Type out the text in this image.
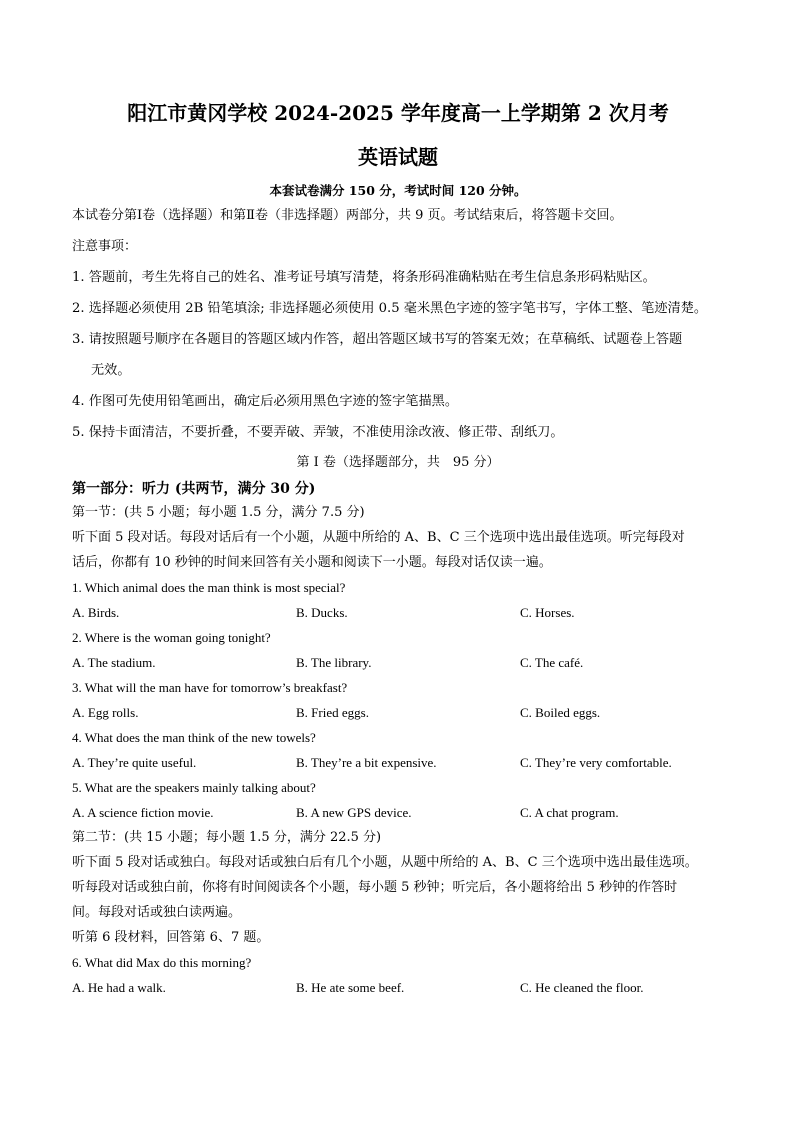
阳江市黄冈学校 2024-2025 学年度高一上学期第 2 次月考

英语试题

本套试卷满分 150 分，考试时间 120 分钟。

本试卷分第Ⅰ卷（选择题）和第Ⅱ卷（非选择题）两部分，共 9 页。考试结束后，将答题卡交回。

注意事项：

1. 答题前，考生先将自己的姓名、准考证号填写清楚，将条形码准确粘贴在考生信息条形码粘贴区。

2. 选择题必须使用 2B 铅笔填涂; 非选择题必须使用 0.5 毫米黑色字迹的签字笔书写，字体工整、笔迹清楚。

3. 请按照题号顺序在各题目的答题区域内作答，超出答题区域书写的答案无效；在草稿纸、试题卷上答题

无效。

4. 作图可先使用铅笔画出，确定后必须用黑色字迹的签字笔描黑。

5. 保持卡面清洁，不要折叠，不要弄破、弄皱，不准使用涂改液、修正带、刮纸刀。

第 I 卷（选择题部分，共　95 分）

第一部分：听力 (共两节，满分 30 分)

第一节：(共 5 小题；每小题 1.5 分，满分 7.5 分)

听下面 5 段对话。每段对话后有一个小题，从题中所给的 A、B、C 三个选项中选出最佳选项。听完每段对

话后，你都有 10 秒钟的时间来回答有关小题和阅读下一小题。每段对话仅读一遍。

1. Which animal does the man think is most special?

A. Birds.	B. Ducks.	C. Horses.

2. Where is the woman going tonight?

A. The stadium.	B. The library.	C. The café.

3. What will the man have for tomorrow’s breakfast?

A. Egg rolls.	B. Fried eggs.	C. Boiled eggs.

4. What does the man think of the new towels?

A. They’re quite useful.	B. They’re a bit expensive.	C. They’re very comfortable.

5. What are the speakers mainly talking about?

A. A science fiction movie.	B. A new GPS device.	C. A chat program.

第二节：(共 15 小题；每小题 1.5 分，满分 22.5 分)

听下面 5 段对话或独白。每段对话或独白后有几个小题，从题中所给的 A、B、C 三个选项中选出最佳选项。

听每段对话或独白前，你将有时间阅读各个小题，每小题 5 秒钟；听完后，各小题将给出 5 秒钟的作答时

间。每段对话或独白读两遍。

听第 6 段材料，回答第 6、7 题。

6. What did Max do this morning?

A. He had a walk.	B. He ate some beef.	C. He cleaned the floor.
